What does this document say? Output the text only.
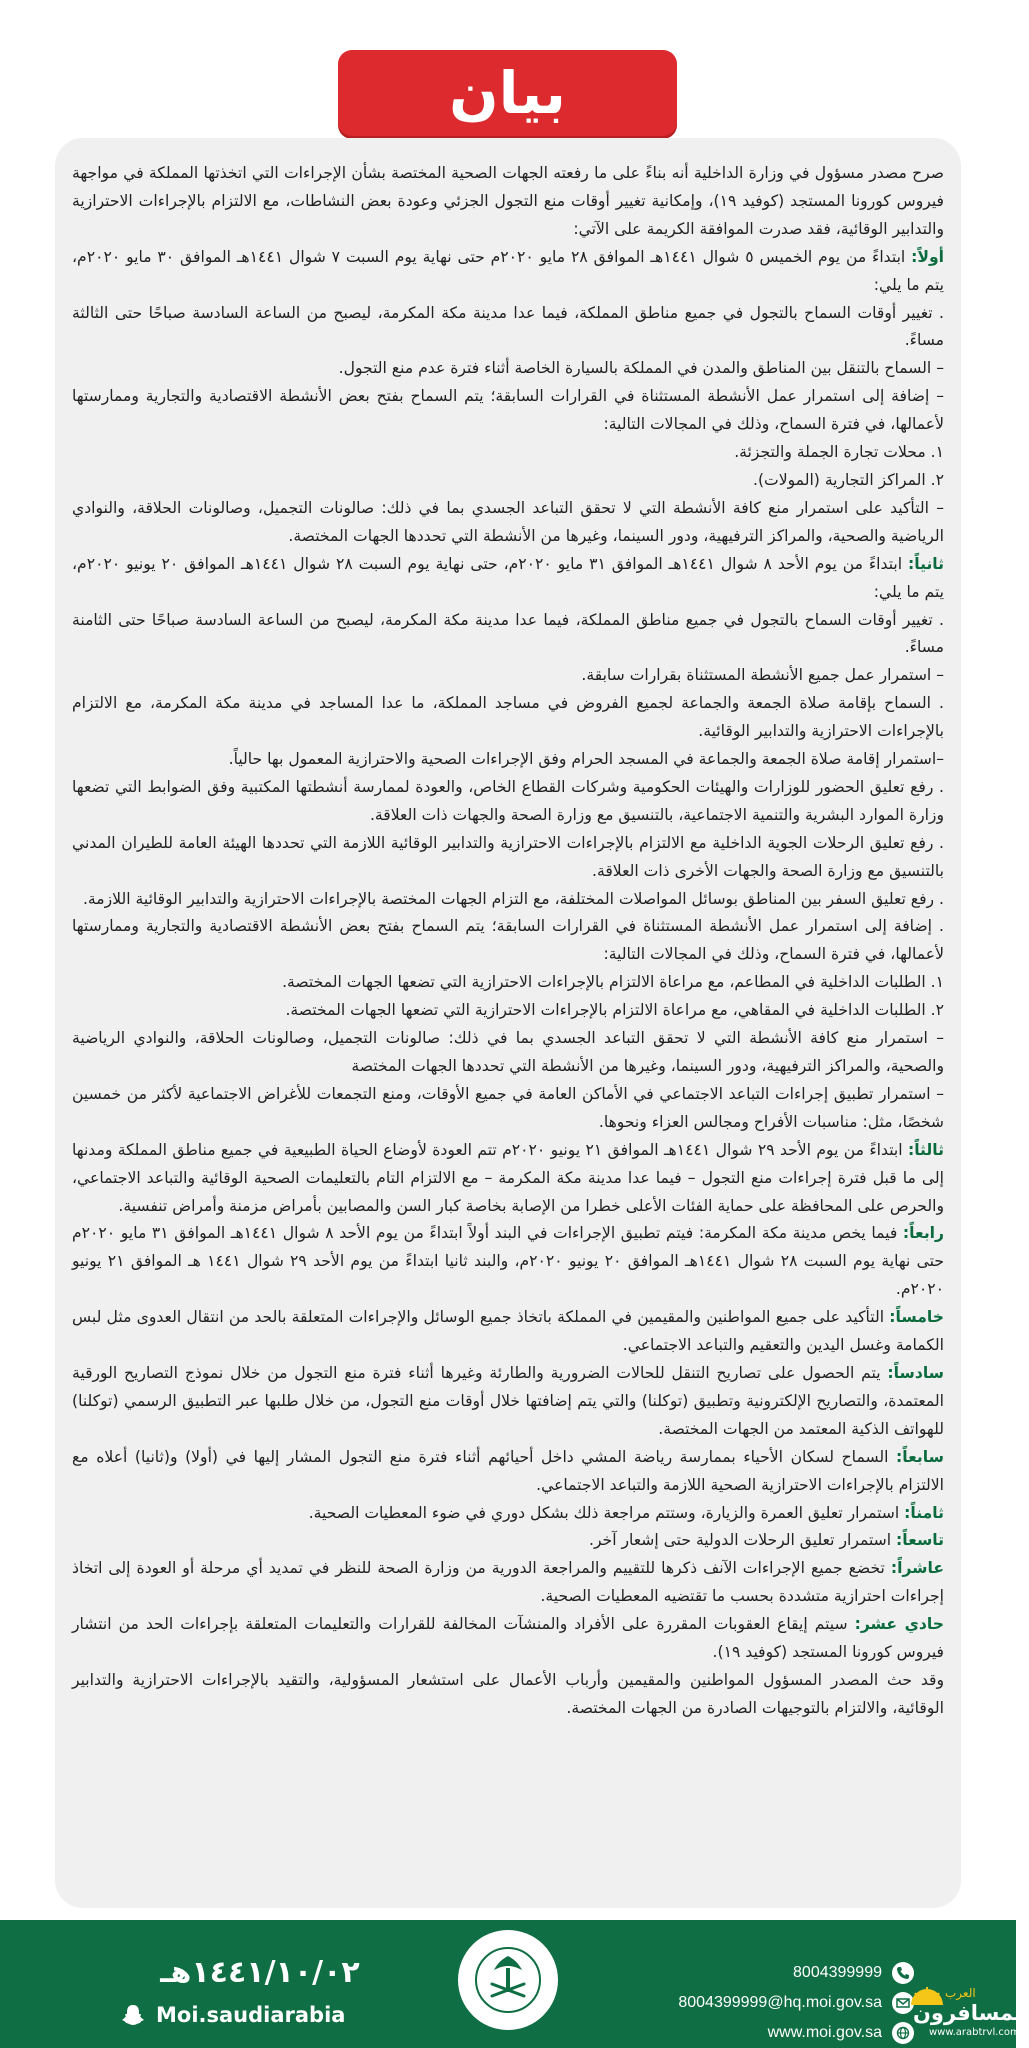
بيان

صرح مصدر مسؤول في وزارة الداخلية أنه بناءً على ما رفعته الجهات الصحية المختصة بشأن الإجراءات التي اتخذتها المملكة في مواجهة فيروس كورونا المستجد (كوفيد ١٩)، وإمكانية تغيير أوقات منع التجول الجزئي وعودة بعض النشاطات، مع الالتزام بالإجراءات الاحترازية والتدابير الوقائية، فقد صدرت الموافقة الكريمة على الآتي:

أولاً: ابتداءً من يوم الخميس ٥ شوال ١٤٤١هـ الموافق ٢٨ مايو ٢٠٢٠م حتى نهاية يوم السبت ٧ شوال ١٤٤١هـ الموافق ٣٠ مايو ٢٠٢٠م، يتم ما يلي:

. تغيير أوقات السماح بالتجول في جميع مناطق المملكة، فيما عدا مدينة مكة المكرمة، ليصبح من الساعة السادسة صباحًا حتى الثالثة مساءً.

– السماح بالتنقل بين المناطق والمدن في المملكة بالسيارة الخاصة أثناء فترة عدم منع التجول.

– إضافة إلى استمرار عمل الأنشطة المستثناة في القرارات السابقة؛ يتم السماح بفتح بعض الأنشطة الاقتصادية والتجارية وممارستها لأعمالها، في فترة السماح، وذلك في المجالات التالية:

١. محلات تجارة الجملة والتجزئة.

٢. المراكز التجارية (المولات).

– التأكيد على استمرار منع كافة الأنشطة التي لا تحقق التباعد الجسدي بما في ذلك: صالونات التجميل، وصالونات الحلاقة، والنوادي الرياضية والصحية، والمراكز الترفيهية، ودور السينما، وغيرها من الأنشطة التي تحددها الجهات المختصة.

ثانياً: ابتداءً من يوم الأحد ٨ شوال ١٤٤١هـ الموافق ٣١ مايو ٢٠٢٠م، حتى نهاية يوم السبت ٢٨ شوال ١٤٤١هـ الموافق ٢٠ يونيو ٢٠٢٠م، يتم ما يلي:

. تغيير أوقات السماح بالتجول في جميع مناطق المملكة، فيما عدا مدينة مكة المكرمة، ليصبح من الساعة السادسة صباحًا حتى الثامنة مساءً.

– استمرار عمل جميع الأنشطة المستثناة بقرارات سابقة.

. السماح بإقامة صلاة الجمعة والجماعة لجميع الفروض في مساجد المملكة، ما عدا المساجد في مدينة مكة المكرمة، مع الالتزام بالإجراءات الاحترازية والتدابير الوقائية.

–استمرار إقامة صلاة الجمعة والجماعة في المسجد الحرام وفق الإجراءات الصحية والاحترازية المعمول بها حالياً.

. رفع تعليق الحضور للوزارات والهيئات الحكومية وشركات القطاع الخاص، والعودة لممارسة أنشطتها المكتبية وفق الضوابط التي تضعها وزارة الموارد البشرية والتنمية الاجتماعية، بالتنسيق مع وزارة الصحة والجهات ذات العلاقة.

. رفع تعليق الرحلات الجوية الداخلية مع الالتزام بالإجراءات الاحترازية والتدابير الوقائية اللازمة التي تحددها الهيئة العامة للطيران المدني بالتنسيق مع وزارة الصحة والجهات الأخرى ذات العلاقة.

. رفع تعليق السفر بين المناطق بوسائل المواصلات المختلفة، مع التزام الجهات المختصة بالإجراءات الاحترازية والتدابير الوقائية اللازمة.

. إضافة إلى استمرار عمل الأنشطة المستثناة في القرارات السابقة؛ يتم السماح بفتح بعض الأنشطة الاقتصادية والتجارية وممارستها لأعمالها، في فترة السماح، وذلك في المجالات التالية:

١. الطلبات الداخلية في المطاعم، مع مراعاة الالتزام بالإجراءات الاحترازية التي تضعها الجهات المختصة.

٢. الطلبات الداخلية في المقاهي، مع مراعاة الالتزام بالإجراءات الاحترازية التي تضعها الجهات المختصة.

– استمرار منع كافة الأنشطة التي لا تحقق التباعد الجسدي بما في ذلك: صالونات التجميل، وصالونات الحلاقة، والنوادي الرياضية والصحية، والمراكز الترفيهية، ودور السينما، وغيرها من الأنشطة التي تحددها الجهات المختصة

– استمرار تطبيق إجراءات التباعد الاجتماعي في الأماكن العامة في جميع الأوقات، ومنع التجمعات للأغراض الاجتماعية لأكثر من خمسين شخصًا، مثل: مناسبات الأفراح ومجالس العزاء ونحوها.

ثالثاً: ابتداءً من يوم الأحد ٢٩ شوال ١٤٤١هـ الموافق ٢١ يونيو ٢٠٢٠م تتم العودة لأوضاع الحياة الطبيعية في جميع مناطق المملكة ومدنها إلى ما قبل فترة إجراءات منع التجول – فيما عدا مدينة مكة المكرمة – مع الالتزام التام بالتعليمات الصحية الوقائية والتباعد الاجتماعي، والحرص على المحافظة على حماية الفئات الأعلى خطرا من الإصابة بخاصة كبار السن والمصابين بأمراض مزمنة وأمراض تنفسية.

رابعاً: فيما يخص مدينة مكة المكرمة: فيتم تطبيق الإجراءات في البند أولاً ابتداءً من يوم الأحد ٨ شوال ١٤٤١هـ الموافق ٣١ مايو ٢٠٢٠م حتى نهاية يوم السبت ٢٨ شوال ١٤٤١هـ الموافق ٢٠ يونيو ٢٠٢٠م، والبند ثانيا ابتداءً من يوم الأحد ٢٩ شوال ١٤٤١ هـ الموافق ٢١ يونيو ٢٠٢٠م.

خامساً: التأكيد على جميع المواطنين والمقيمين في المملكة باتخاذ جميع الوسائل والإجراءات المتعلقة بالحد من انتقال العدوى مثل لبس الكمامة وغسل اليدين والتعقيم والتباعد الاجتماعي.

سادساً: يتم الحصول على تصاريح التنقل للحالات الضرورية والطارئة وغيرها أثناء فترة منع التجول من خلال نموذج التصاريح الورقية المعتمدة، والتصاريح الإلكترونية وتطبيق (توكلنا) والتي يتم إضافتها خلال أوقات منع التجول، من خلال طلبها عبر التطبيق الرسمي (توكلنا) للهواتف الذكية المعتمد من الجهات المختصة.

سابعاً: السماح لسكان الأحياء بممارسة رياضة المشي داخل أحيائهم أثناء فترة منع التجول المشار إليها في (أولا) و(ثانيا) أعلاه مع الالتزام بالإجراءات الاحترازية الصحية اللازمة والتباعد الاجتماعي.

ثامناً: استمرار تعليق العمرة والزيارة، وستتم مراجعة ذلك بشكل دوري في ضوء المعطيات الصحية.

تاسعاً: استمرار تعليق الرحلات الدولية حتى إشعار آخر.

عاشراً: تخضع جميع الإجراءات الآنف ذكرها للتقييم والمراجعة الدورية من وزارة الصحة للنظر في تمديد أي مرحلة أو العودة إلى اتخاذ إجراءات احترازية متشددة بحسب ما تقتضيه المعطيات الصحية.

حادي عشر: سيتم إيقاع العقوبات المقررة على الأفراد والمنشآت المخالفة للقرارات والتعليمات المتعلقة بإجراءات الحد من انتشار فيروس كورونا المستجد (كوفيد ١٩).

وقد حث المصدر المسؤول المواطنين والمقيمين وأرباب الأعمال على استشعار المسؤولية، والتقيد بالإجراءات الاحترازية والتدابير الوقائية، والالتزام بالتوجيهات الصادرة من الجهات المختصة.

١٤٤١/١٠/٠٢هـ
Moi.saudiarabia
8004399999
8004399999@hq.moi.gov.sa
www.moi.gov.sa
العرب
المسافرون
www.arabtrvl.com
